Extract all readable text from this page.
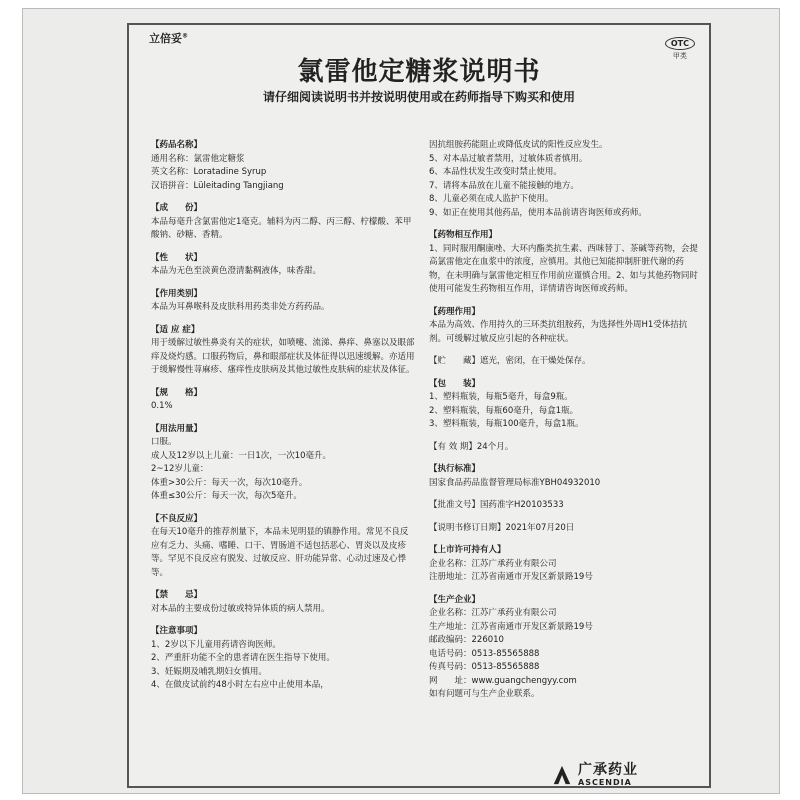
立倍妥®
OTC
甲类
氯雷他定糖浆说明书
请仔细阅读说明书并按说明使用或在药师指导下购买和使用
【药品名称】
通用名称：氯雷他定糖浆
英文名称：Loratadine Syrup
汉语拼音：Lüleitading Tangjiang
【成　　份】
本品每毫升含氯雷他定1毫克。辅料为丙二醇、丙三醇、柠檬酸、苯甲酸钠、砂糖、香精。
【性　　状】
本品为无色至淡黄色澄清黏稠液体，味香甜。
【作用类别】
本品为耳鼻喉科及皮肤科用药类非处方药药品。
【适 应 症】
用于缓解过敏性鼻炎有关的症状，如喷嚏、流涕、鼻痒、鼻塞以及眼部痒及烧灼感。口服药物后，鼻和眼部症状及体征得以迅速缓解。亦适用于缓解慢性荨麻疹、瘙痒性皮肤病及其他过敏性皮肤病的症状及体征。
【规　　格】
0.1%
【用法用量】
口服。
成人及12岁以上儿童：一日1次，一次10毫升。
2~12岁儿童：
体重>30公斤：每天一次，每次10毫升。
体重≤30公斤：每天一次，每次5毫升。
【不良反应】
在每天10毫升的推荐剂量下，本品未见明显的镇静作用。常见不良反应有乏力、头痛、嗜睡、口干、胃肠道不适包括恶心、胃炎以及皮疹等。罕见不良反应有脱发、过敏反应、肝功能异常、心动过速及心悸等。
【禁　　忌】
对本品的主要成份过敏或特异体质的病人禁用。
【注意事项】
1、2岁以下儿童用药请咨询医师。
2、严重肝功能不全的患者请在医生指导下使用。
3、妊娠期及哺乳期妇女慎用。
4、在做皮试前约48小时左右应中止使用本品，
因抗组胺药能阻止或降低皮试的阳性反应发生。
5、对本品过敏者禁用，过敏体质者慎用。
6、本品性状发生改变时禁止使用。
7、请将本品放在儿童不能接触的地方。
8、儿童必须在成人监护下使用。
9、如正在使用其他药品，使用本品前请咨询医师或药师。
【药物相互作用】
1、同时服用酮康唑、大环内酯类抗生素、西咪替丁、茶碱等药物，会提高氯雷他定在血浆中的浓度，应慎用。其他已知能抑制肝脏代谢的药物，在未明确与氯雷他定相互作用前应谨慎合用。2、如与其他药物同时使用可能发生药物相互作用，详情请咨询医师或药师。
【药理作用】
本品为高效、作用持久的三环类抗组胺药，为选择性外周H1受体拮抗剂。可缓解过敏反应引起的各种症状。
【贮　　藏】遮光，密闭，在干燥处保存。
【包　　装】
1、塑料瓶装，每瓶5毫升，每盒9瓶。
2、塑料瓶装，每瓶60毫升，每盒1瓶。
3、塑料瓶装，每瓶100毫升，每盒1瓶。
【有 效 期】24个月。
【执行标准】
国家食品药品监督管理局标准YBH04932010
【批准文号】国药准字H20103533
【说明书修订日期】2021年07月20日
【上市许可持有人】
企业名称：江苏广承药业有限公司
注册地址：江苏省南通市开发区新景路19号
【生产企业】
企业名称：江苏广承药业有限公司
生产地址：江苏省南通市开发区新景路19号
邮政编码：226010
电话号码：0513-85565888
传真号码：0513-85565888
网　　址：www.guangchengyy.com
如有问题可与生产企业联系。
广承药业
ASCENDIA
